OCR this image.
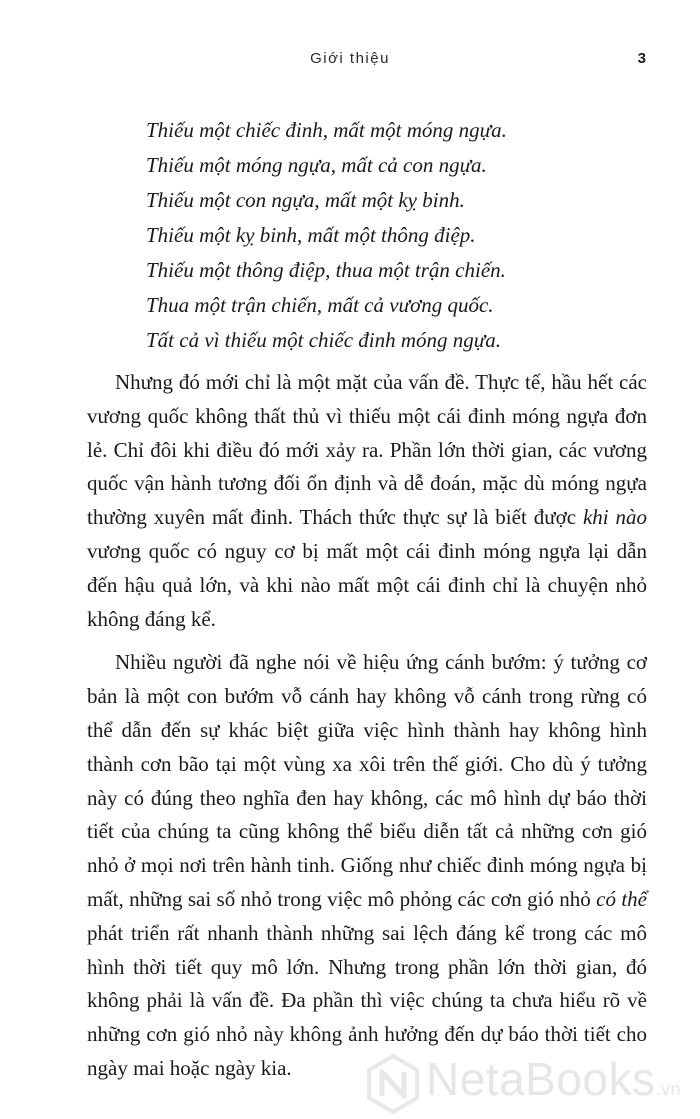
Giới thiệu	3
Thiếu một chiếc đinh, mất một móng ngựa.
Thiếu một móng ngựa, mất cả con ngựa.
Thiếu một con ngựa, mất một kỵ binh.
Thiếu một kỵ binh, mất một thông điệp.
Thiếu một thông điệp, thua một trận chiến.
Thua một trận chiến, mất cả vương quốc.
Tất cả vì thiếu một chiếc đinh móng ngựa.

Nhưng đó mới chỉ là một mặt của vấn đề. Thực tế, hầu hết các vương quốc không thất thủ vì thiếu một cái đinh móng ngựa đơn lẻ. Chỉ đôi khi điều đó mới xảy ra. Phần lớn thời gian, các vương quốc vận hành tương đối ổn định và dễ đoán, mặc dù móng ngựa thường xuyên mất đinh. Thách thức thực sự là biết được khi nào vương quốc có nguy cơ bị mất một cái đinh móng ngựa lại dẫn đến hậu quả lớn, và khi nào mất một cái đinh chỉ là chuyện nhỏ không đáng kể.

Nhiều người đã nghe nói về hiệu ứng cánh bướm: ý tưởng cơ bản là một con bướm vỗ cánh hay không vỗ cánh trong rừng có thể dẫn đến sự khác biệt giữa việc hình thành hay không hình thành cơn bão tại một vùng xa xôi trên thế giới. Cho dù ý tưởng này có đúng theo nghĩa đen hay không, các mô hình dự báo thời tiết của chúng ta cũng không thể biểu diễn tất cả những cơn gió nhỏ ở mọi nơi trên hành tinh. Giống như chiếc đinh móng ngựa bị mất, những sai số nhỏ trong việc mô phỏng các cơn gió nhỏ có thể phát triển rất nhanh thành những sai lệch đáng kể trong các mô hình thời tiết quy mô lớn. Nhưng trong phần lớn thời gian, đó không phải là vấn đề. Đa phần thì việc chúng ta chưa hiểu rõ về những cơn gió nhỏ này không ảnh hưởng đến dự báo thời tiết cho ngày mai hoặc ngày kia.	NetaBooks.vn
